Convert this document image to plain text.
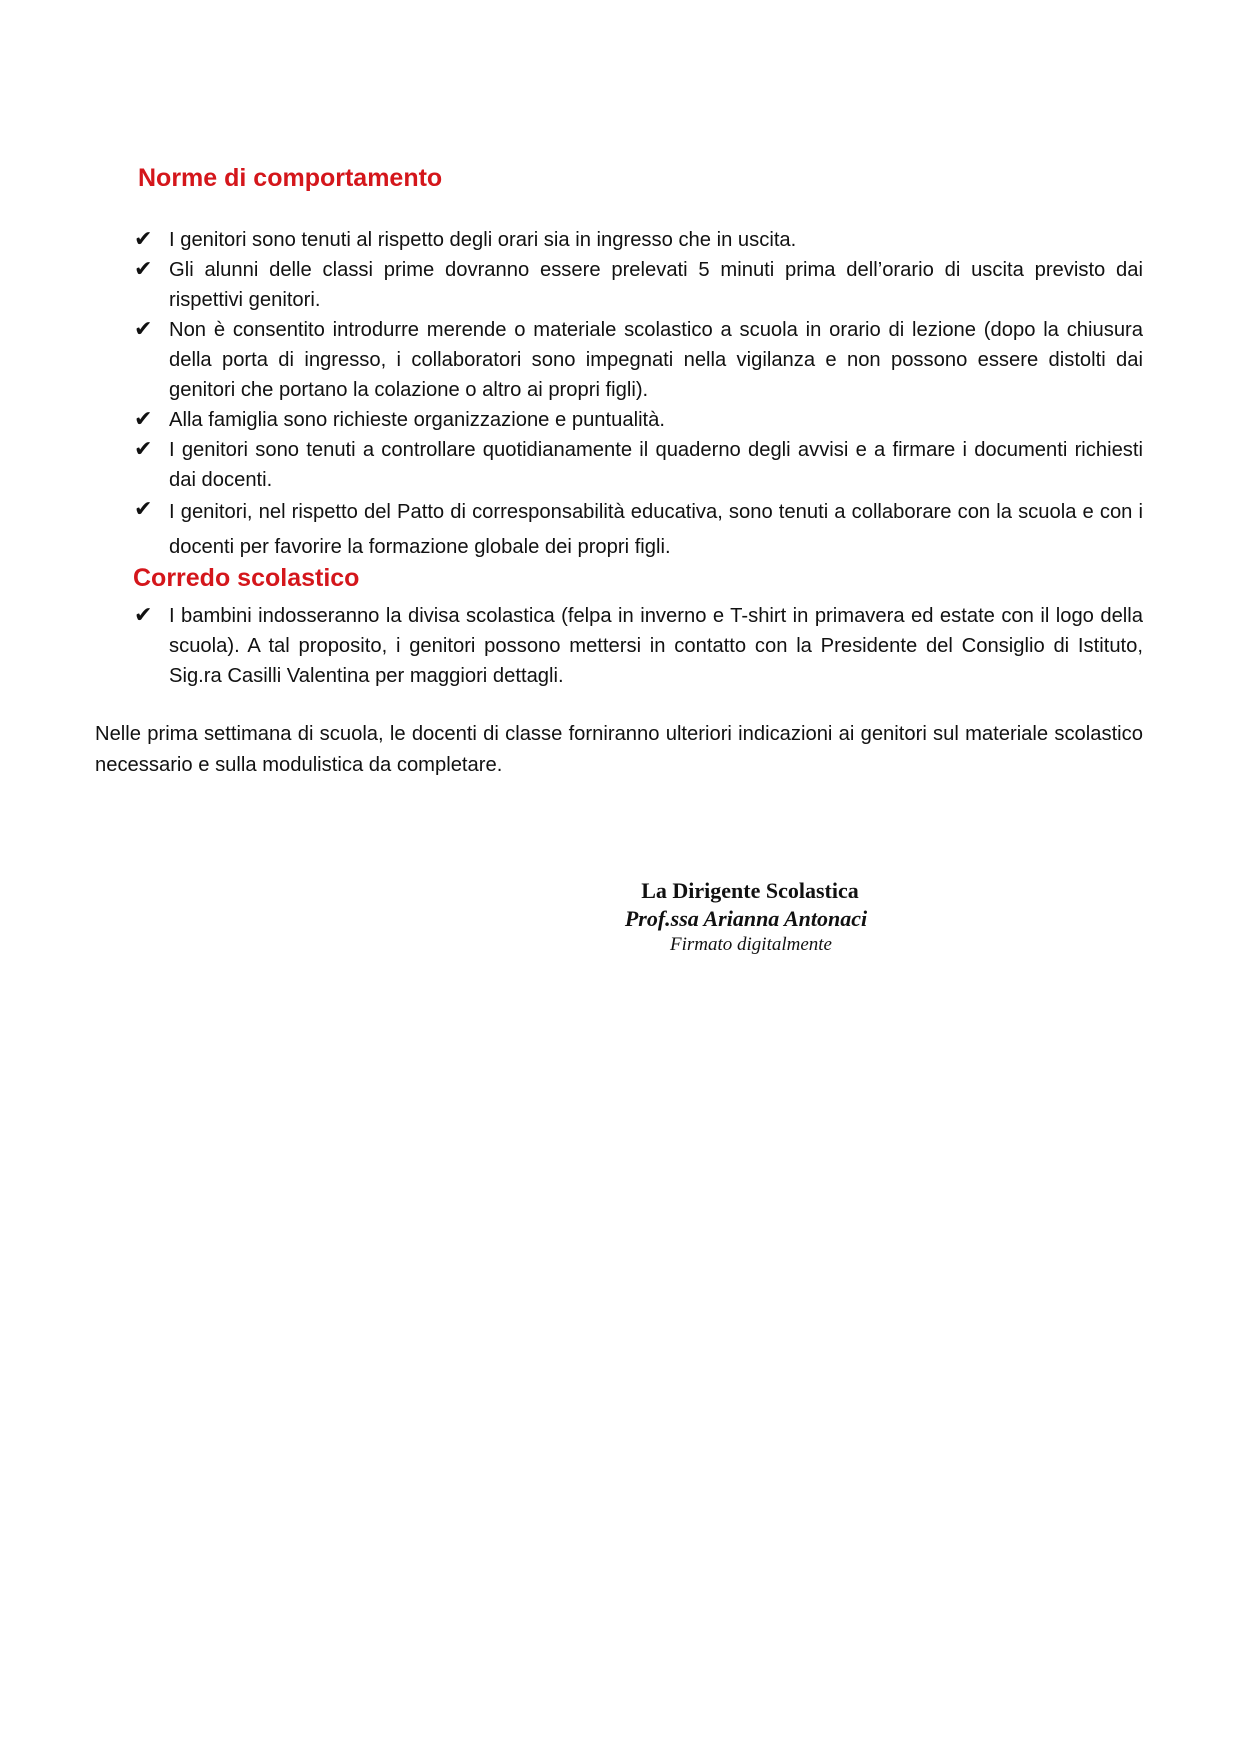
Norme di comportamento
✔ I genitori sono tenuti al rispetto degli orari sia in ingresso che in uscita.
✔ Gli alunni delle classi prime dovranno essere prelevati 5 minuti prima dell’orario di uscita previsto dai rispettivi genitori.
✔ Non è consentito introdurre merende o materiale scolastico a scuola in orario di lezione (dopo la chiusura della porta di ingresso, i collaboratori sono impegnati nella vigilanza e non possono essere distolti dai genitori che portano la colazione o altro ai propri figli).
✔ Alla famiglia sono richieste organizzazione e puntualità.
✔ I genitori sono tenuti a controllare quotidianamente il quaderno degli avvisi e a firmare i documenti richiesti dai docenti.
✔ I genitori, nel rispetto del Patto di corresponsabilità educativa, sono tenuti a collaborare con la scuola e con i docenti per favorire la formazione globale dei propri figli.
Corredo scolastico
✔ I bambini indosseranno la divisa scolastica (felpa in inverno e T-shirt in primavera ed estate con il logo della scuola). A tal proposito, i genitori possono mettersi in contatto con la Presidente del Consiglio di Istituto, Sig.ra Casilli Valentina per maggiori dettagli.

Nelle prima settimana di scuola, le docenti di classe forniranno ulteriori indicazioni ai genitori sul materiale scolastico necessario e sulla modulistica da completare.

La Dirigente Scolastica
Prof.ssa Arianna Antonaci
Firmato digitalmente
